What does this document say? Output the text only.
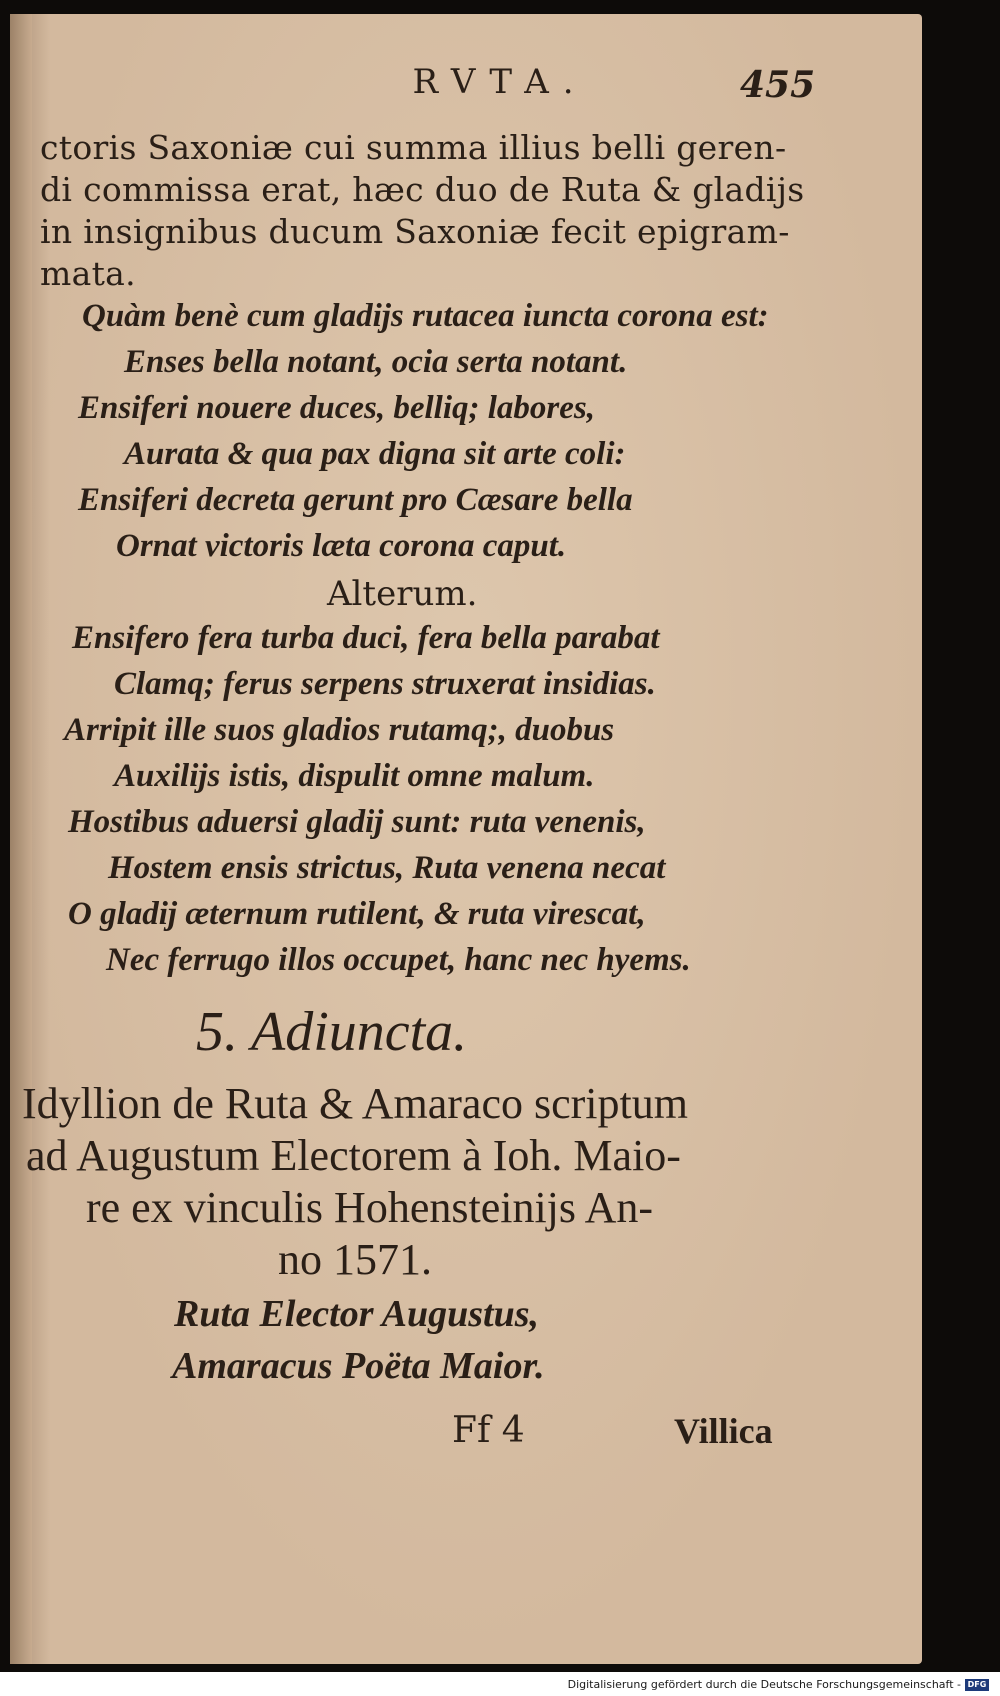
RVTA.	455
ctoris Saxoniæ cui summa illius belli geren-
di commissa erat, hæc duo de Ruta & gladijs
in insignibus ducum Saxoniæ fecit epigram-
mata.
Quàm benè cum gladijs rutacea iuncta corona est:
Enses bella notant, ocia serta notant.
Ensiferi nouere duces, belliq; labores,
Aurata & qua pax digna sit arte coli:
Ensiferi decreta gerunt pro Cæsare bella
Ornat victoris læta corona caput.
Alterum.
Ensifero fera turba duci, fera bella parabat
Clamq; ferus serpens struxerat insidias.
Arripit ille suos gladios rutamq;, duobus
Auxilijs istis, dispulit omne malum.
Hostibus aduersi gladij sunt: ruta venenis,
Hostem ensis strictus, Ruta venena necat
O gladij æternum rutilent, & ruta virescat,
Nec ferrugo illos occupet, hanc nec hyems.
5. Adiuncta.
Idyllion de Ruta & Amaraco scriptum
ad Augustum Electorem à Ioh. Maio-
re ex vinculis Hohensteinijs An-
no 1571.
Ruta Elector Augustus,
Amaracus Poëta Maior.
Ff 4	Villica
Digitalisierung gefördert durch die Deutsche Forschungsgemeinschaft - DFG
